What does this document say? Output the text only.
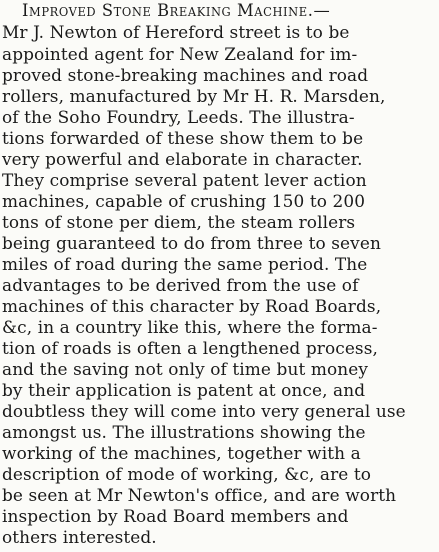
Improved Stone Breaking Machine.—
Mr J. Newton of Hereford street is to be
appointed agent for New Zealand for im-
proved stone-breaking machines and road
rollers, manufactured by Mr H. R. Marsden,
of the Soho Foundry, Leeds. The illustra-
tions forwarded of these show them to be
very powerful and elaborate in character.
They comprise several patent lever action
machines, capable of crushing 150 to 200
tons of stone per diem, the steam rollers
being guaranteed to do from three to seven
miles of road during the same period. The
advantages to be derived from the use of
machines of this character by Road Boards,
&c, in a country like this, where the forma-
tion of roads is often a lengthened process,
and the saving not only of time but money
by their application is patent at once, and
doubtless they will come into very general use
amongst us. The illustrations showing the
working of the machines, together with a
description of mode of working, &c, are to
be seen at Mr Newton's office, and are worth
inspection by Road Board members and
others interested.
